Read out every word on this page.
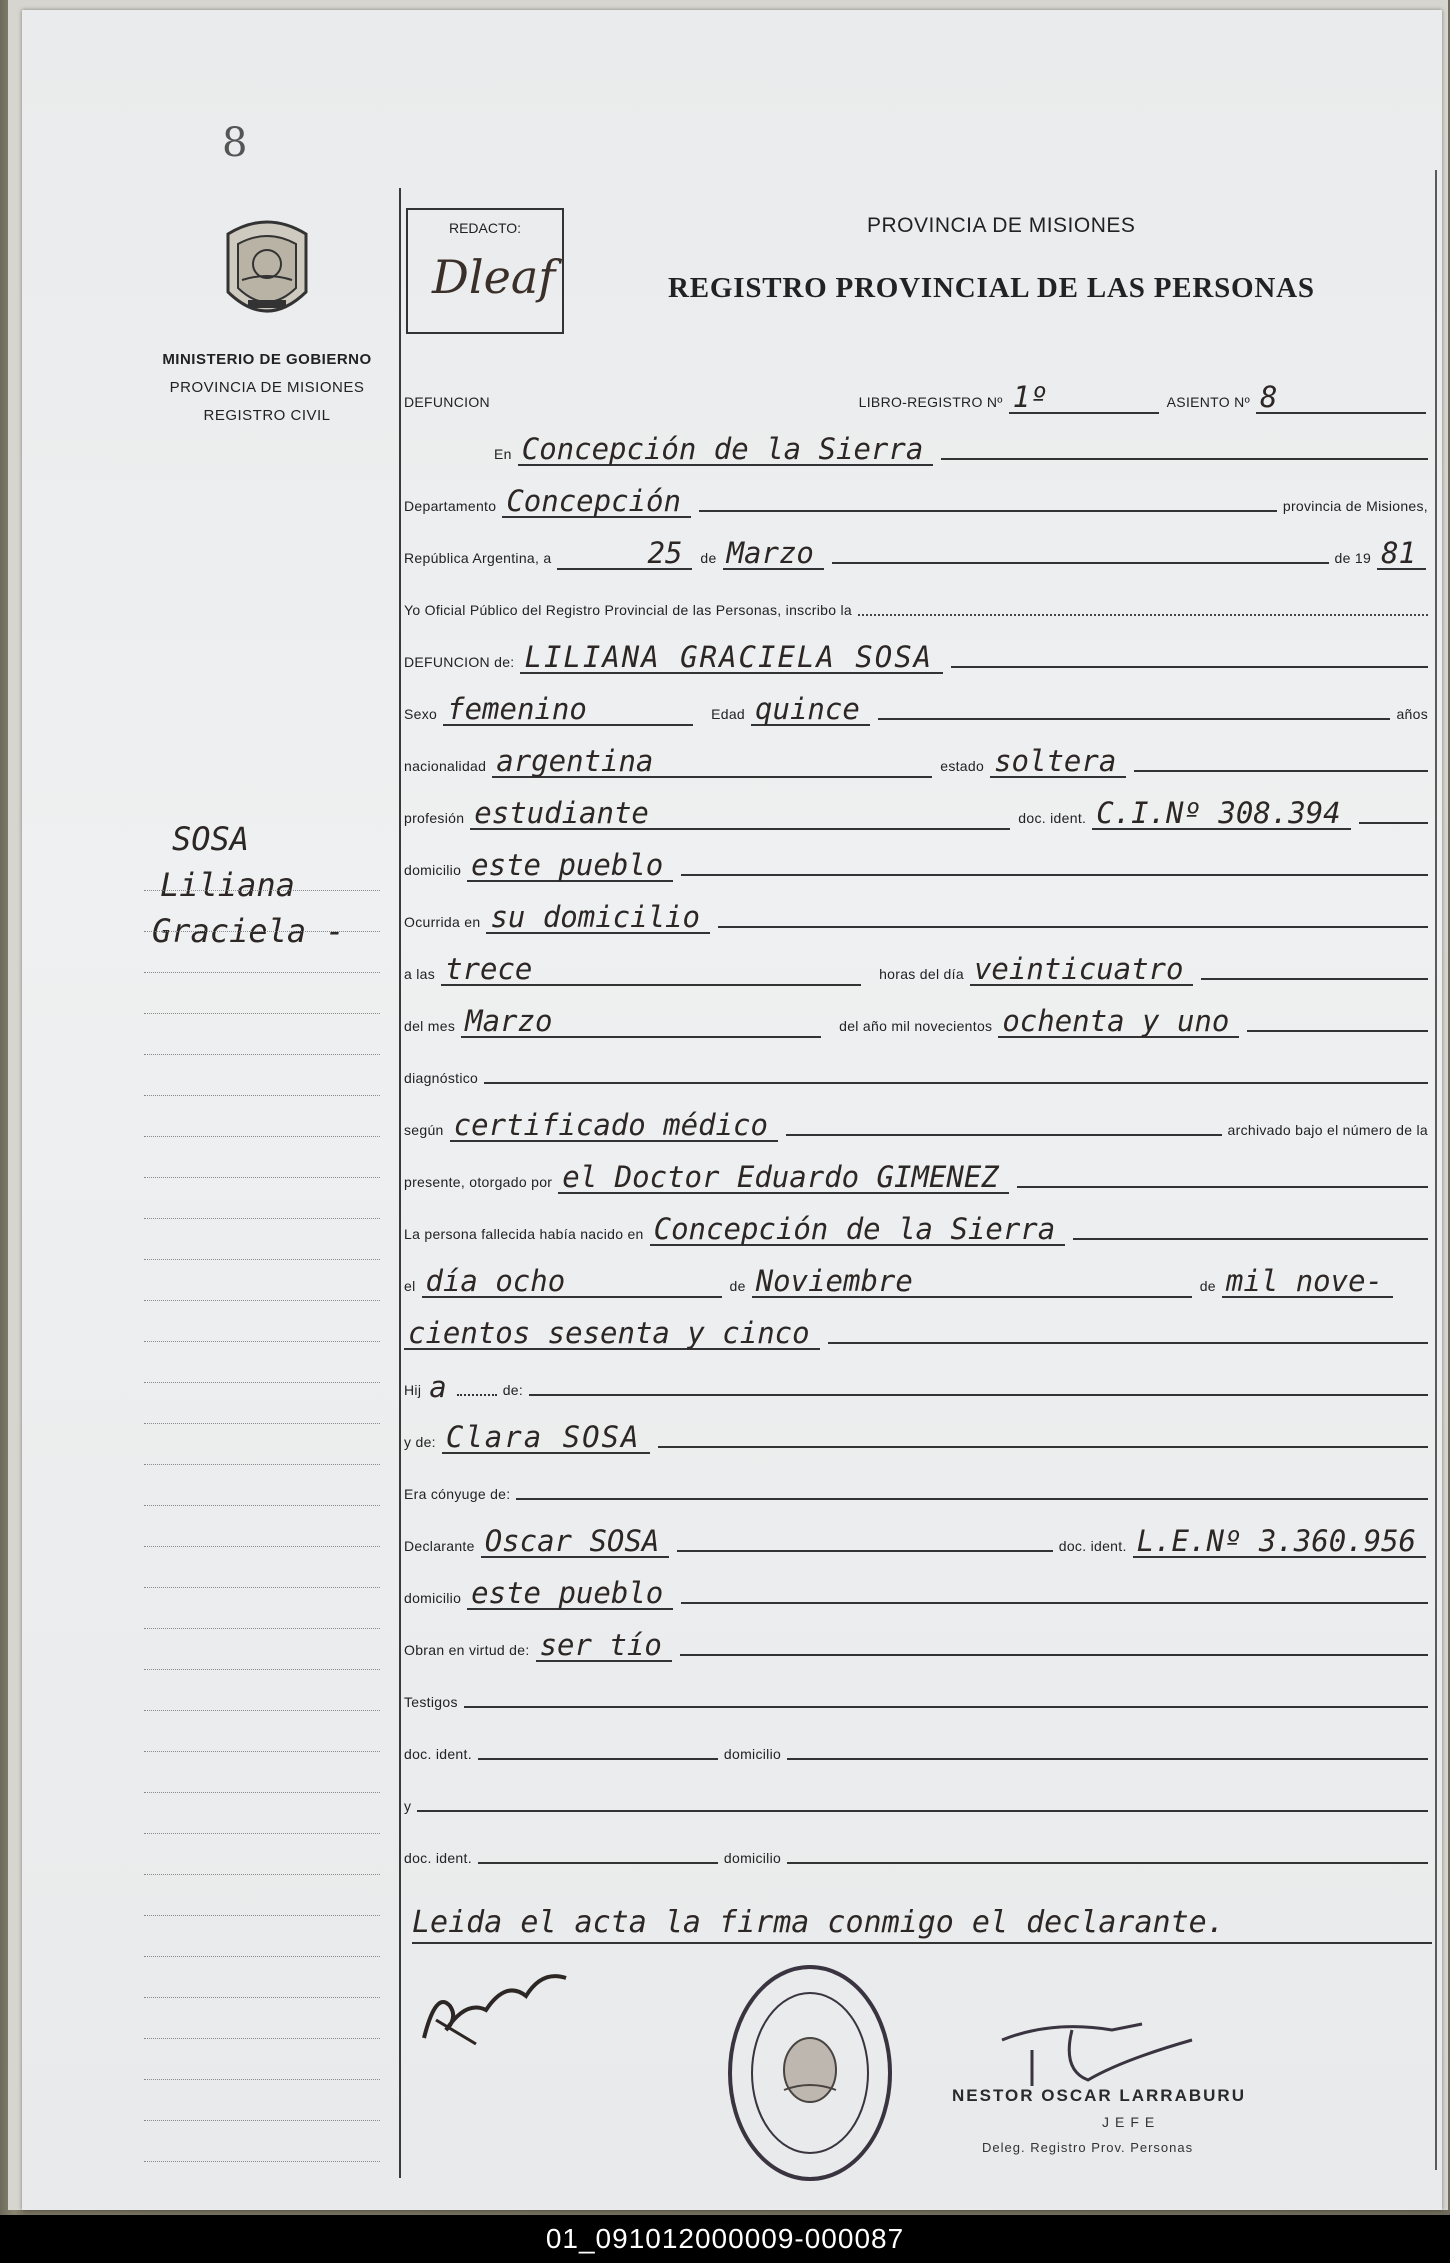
8
MINISTERIO DE GOBIERNO
PROVINCIA DE MISIONES
REGISTRO CIVIL
REDACTO:
Dleaf
PROVINCIA DE MISIONES
REGISTRO PROVINCIAL DE LAS PERSONAS
SOSA
Liliana
Graciela -
DEFUNCION	LIBRO-REGISTRO Nº 1º	ASIENTO Nº 8
En Concepción de la Sierra
Departamento Concepción	provincia de Misiones,
República Argentina, a	25	de Marzo	de 19 81
Yo Oficial Público del Registro Provincial de las Personas, inscribo la
DEFUNCION de: LILIANA GRACIELA SOSA
Sexo femenino	Edad quince	años
nacionalidad argentina	estado soltera
profesión estudiante	doc. ident. C.I.Nº 308.394
domicilio este pueblo
Ocurrida en su domicilio
a las trece	horas del día veinticuatro
del mes Marzo	del año mil novecientos ochenta y uno
diagnóstico
según certificado médico	archivado bajo el número de la
presente, otorgado por el Doctor Eduardo GIMENEZ
La persona fallecida había nacido en Concepción de la Sierra
el día ocho	de Noviembre	de mil nove-
cientos sesenta y cinco
Hij a	de:
y de: Clara SOSA
Era cónyuge de:
Declarante Oscar SOSA	doc. ident. L.E.Nº 3.360.956
domicilio este pueblo
Obran en virtud de: ser tío
Testigos
doc. ident.	domicilio
y
doc. ident.	domicilio
Leida el acta la firma conmigo el declarante.
NESTOR OSCAR LARRABURU
JEFE
Deleg. Registro Prov. Personas
01_091012000009-000087
